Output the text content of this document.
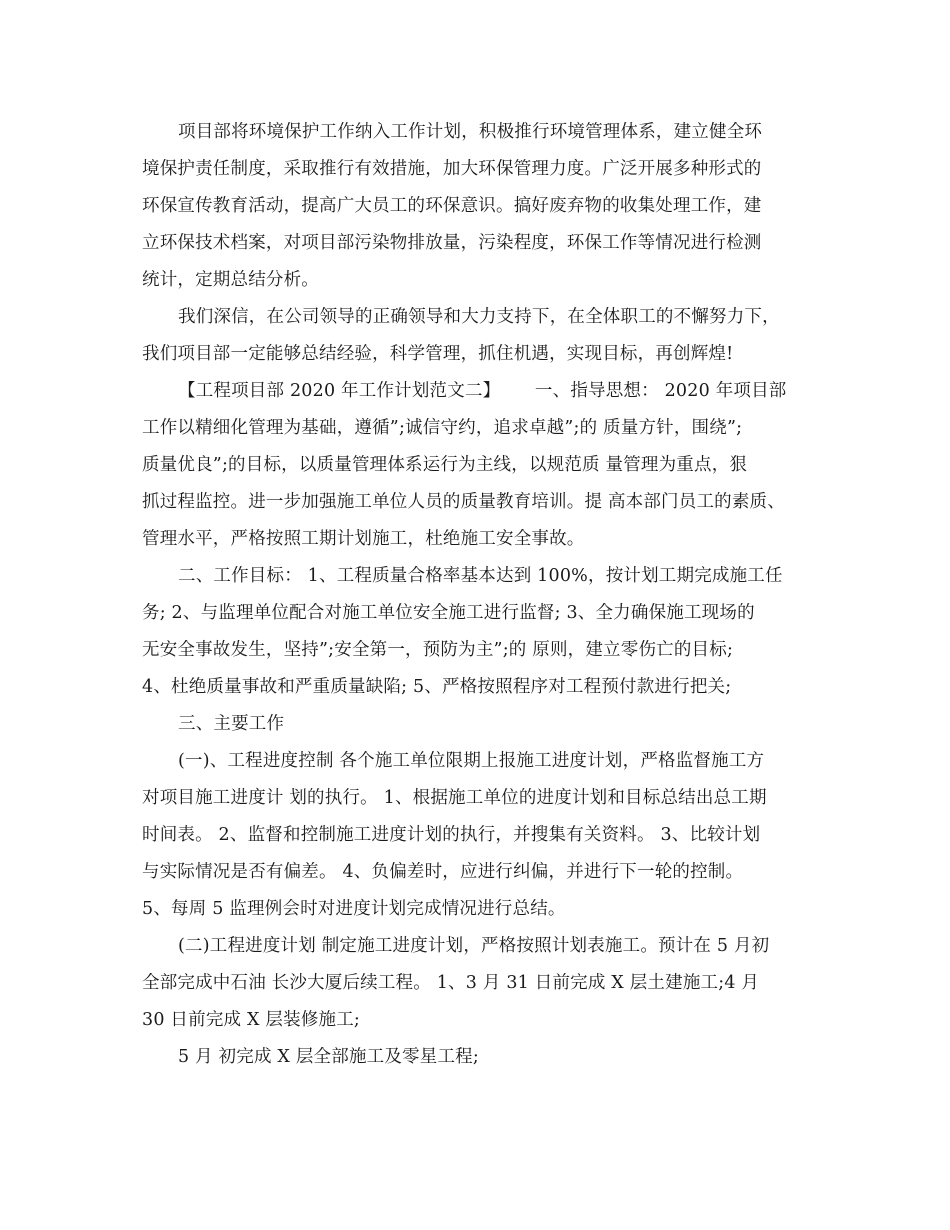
项目部将环境保护工作纳入工作计划，积极推行环境管理体系，建立健全环
境保护责任制度，采取推行有效措施，加大环保管理力度。广泛开展多种形式的
环保宣传教育活动，提高广大员工的环保意识。搞好废弃物的收集处理工作，建
立环保技术档案，对项目部污染物排放量，污染程度，环保工作等情况进行检测
统计，定期总结分析。
我们深信，在公司领导的正确领导和大力支持下，在全体职工的不懈努力下，
我们项目部一定能够总结经验，科学管理，抓住机遇，实现目标，再创辉煌!
【工程项目部 2020 年工作计划范文二】      一、指导思想： 2020 年项目部
工作以精细化管理为基础，遵循”;诚信守约，追求卓越”;的 质量方针，围绕”;
质量优良”;的目标，以质量管理体系运行为主线，以规范质 量管理为重点，狠
抓过程监控。进一步加强施工单位人员的质量教育培训。提 高本部门员工的素质、
管理水平，严格按照工期计划施工，杜绝施工安全事故。
二、工作目标： 1、工程质量合格率基本达到 100%，按计划工期完成施工任
务; 2、与监理单位配合对施工单位安全施工进行监督; 3、全力确保施工现场的
无安全事故发生，坚持”;安全第一，预防为主”;的 原则，建立零伤亡的目标;
4、杜绝质量事故和严重质量缺陷; 5、严格按照程序对工程预付款进行把关;
三、主要工作
(一)、工程进度控制 各个施工单位限期上报施工进度计划，严格监督施工方
对项目施工进度计 划的执行。 1、根据施工单位的进度计划和目标总结出总工期
时间表。 2、监督和控制施工进度计划的执行，并搜集有关资料。 3、比较计划
与实际情况是否有偏差。 4、负偏差时，应进行纠偏，并进行下一轮的控制。
5、每周 5 监理例会时对进度计划完成情况进行总结。
(二)工程进度计划 制定施工进度计划，严格按照计划表施工。预计在 5 月初
全部完成中石油 长沙大厦后续工程。 1、3 月 31 日前完成 X 层土建施工;4 月
30 日前完成 X 层装修施工;
5 月 初完成 X 层全部施工及零星工程;
